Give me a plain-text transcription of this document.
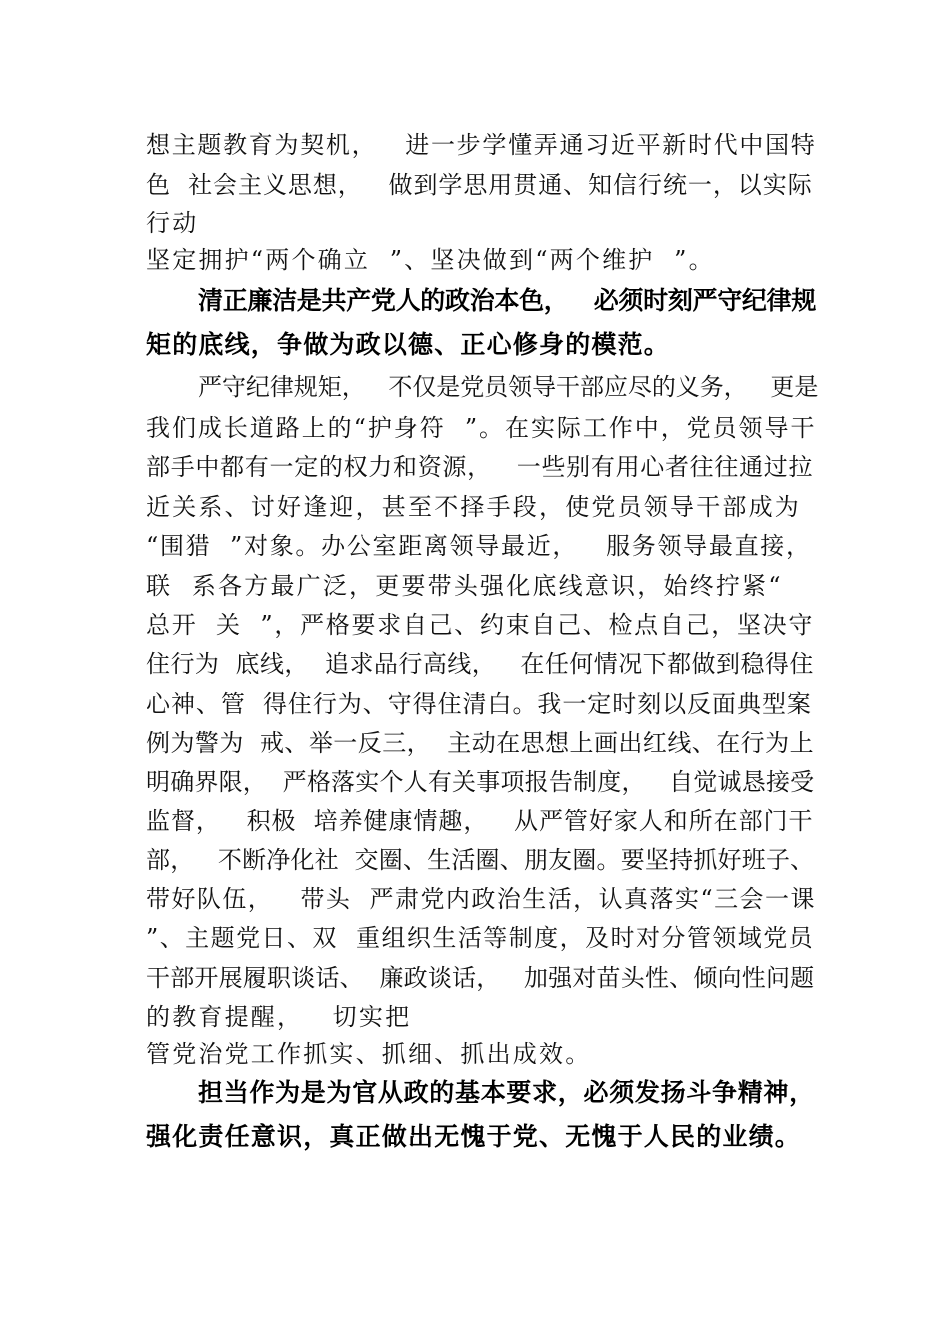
想主题教育为契机，   进一步学懂弄通习近平新时代中国特
色  社会主义思想，   做到学思用贯通、知信行统一，以实际
行动
坚定拥护“两个确立  ”、坚决做到“两个维护  ”。
清正廉洁是共产党人的政治本色，   必须时刻严守纪律规
矩的底线，争做为政以德、正心修身的模范。
严守纪律规矩，   不仅是党员领导干部应尽的义务，   更是
我们成长道路上的“护身符  ”。在实际工作中，党员领导干
部手中都有一定的权力和资源，   一些别有用心者往往通过拉
近关系、讨好逢迎，甚至不择手段，使党员领导干部成为
“围猎  ”对象。办公室距离领导最近，   服务领导最直接，
联  系各方最广泛，更要带头强化底线意识，始终拧紧“
总开  关  ”，严格要求自己、约束自己、检点自己，坚决守
住行为  底线，  追求品行高线，   在任何情况下都做到稳得住
心神、管  得住行为、守得住清白。我一定时刻以反面典型案
例为警为  戒、举一反三，  主动在思想上画出红线、在行为上
明确界限，  严格落实个人有关事项报告制度，   自觉诚恳接受
监督，   积极  培养健康情趣，   从严管好家人和所在部门干
部，   不断净化社  交圈、生活圈、朋友圈。要坚持抓好班子、
带好队伍，   带头  严肃党内政治生活，认真落实“三会一课
”、主题党日、双  重组织生活等制度，及时对分管领域党员
干部开展履职谈话、  廉政谈话，   加强对苗头性、倾向性问题
的教育提醒，   切实把
管党治党工作抓实、抓细、抓出成效。
担当作为是为官从政的基本要求，必须发扬斗争精神，
强化责任意识，真正做出无愧于党、无愧于人民的业绩。
